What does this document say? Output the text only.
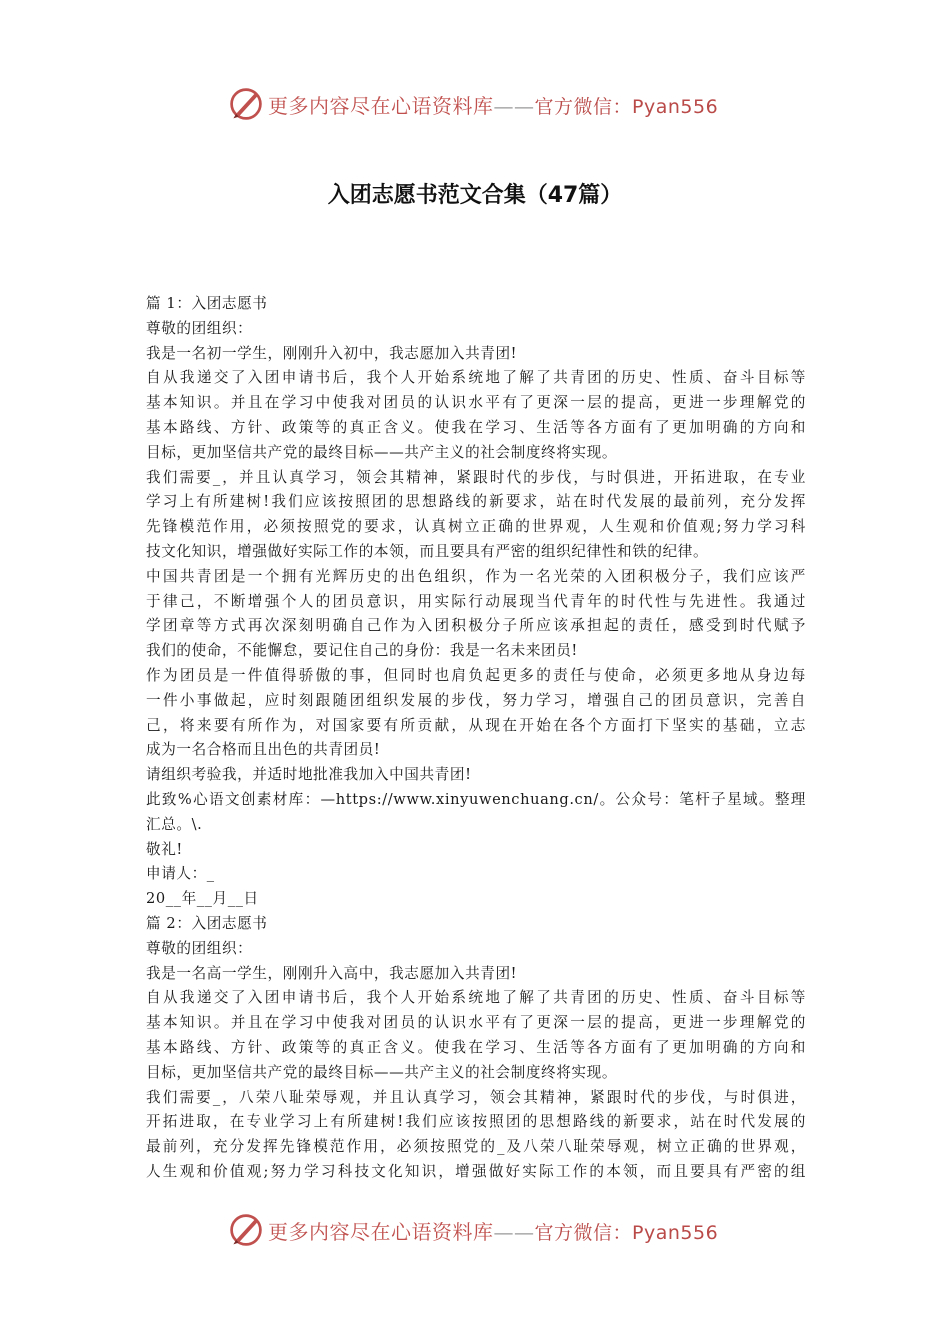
更多内容尽在心语资料库——官方微信：Pyan556
入团志愿书范文合集（47篇）
篇 1：入团志愿书
尊敬的团组织：
我是一名初一学生，刚刚升入初中，我志愿加入共青团!
自从我递交了入团申请书后，我个人开始系统地了解了共青团的历史、性质、奋斗目标等
基本知识。并且在学习中使我对团员的认识水平有了更深一层的提高，更进一步理解党的
基本路线、方针、政策等的真正含义。使我在学习、生活等各方面有了更加明确的方向和
目标，更加坚信共产党的最终目标——共产主义的社会制度终将实现。
我们需要_，并且认真学习，领会其精神，紧跟时代的步伐，与时俱进，开拓进取，在专业
学习上有所建树!我们应该按照团的思想路线的新要求，站在时代发展的最前列，充分发挥
先锋模范作用，必须按照党的要求，认真树立正确的世界观，人生观和价值观;努力学习科
技文化知识，增强做好实际工作的本领，而且要具有严密的组织纪律性和铁的纪律。
中国共青团是一个拥有光辉历史的出色组织，作为一名光荣的入团积极分子，我们应该严
于律己，不断增强个人的团员意识，用实际行动展现当代青年的时代性与先进性。我通过
学团章等方式再次深刻明确自己作为入团积极分子所应该承担起的责任，感受到时代赋予
我们的使命，不能懈怠，要记住自己的身份：我是一名未来团员!
作为团员是一件值得骄傲的事，但同时也肩负起更多的责任与使命，必须更多地从身边每
一件小事做起，应时刻跟随团组织发展的步伐，努力学习，增强自己的团员意识，完善自
己，将来要有所作为，对国家要有所贡献，从现在开始在各个方面打下坚实的基础，立志
成为一名合格而且出色的共青团员!
请组织考验我，并适时地批准我加入中国共青团!
此致%心语文创素材库：—https://www.xinyuwenchuang.cn/。公众号：笔杆子星域。整理
汇总。\.
敬礼!
申请人：_
20__年__月__日
篇 2：入团志愿书
尊敬的团组织：
我是一名高一学生，刚刚升入高中，我志愿加入共青团!
自从我递交了入团申请书后，我个人开始系统地了解了共青团的历史、性质、奋斗目标等
基本知识。并且在学习中使我对团员的认识水平有了更深一层的提高，更进一步理解党的
基本路线、方针、政策等的真正含义。使我在学习、生活等各方面有了更加明确的方向和
目标，更加坚信共产党的最终目标——共产主义的社会制度终将实现。
我们需要_，八荣八耻荣辱观，并且认真学习，领会其精神，紧跟时代的步伐，与时俱进，
开拓进取，在专业学习上有所建树!我们应该按照团的思想路线的新要求，站在时代发展的
最前列，充分发挥先锋模范作用，必须按照党的_及八荣八耻荣辱观，树立正确的世界观，
人生观和价值观;努力学习科技文化知识，增强做好实际工作的本领，而且要具有严密的组
更多内容尽在心语资料库——官方微信：Pyan556
